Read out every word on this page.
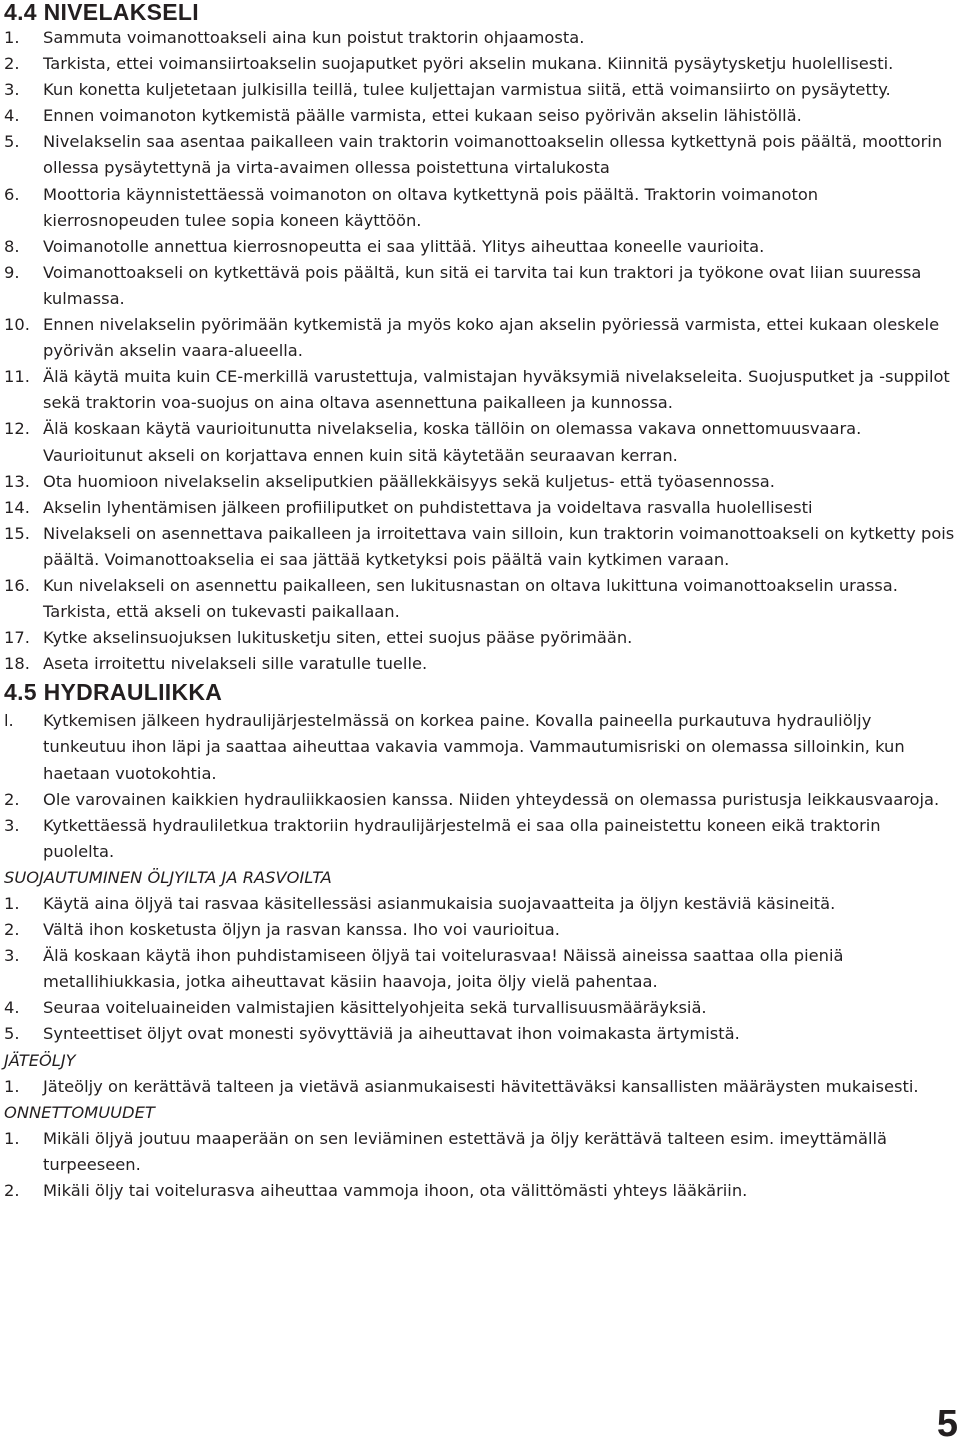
4.4 NIVELAKSELI
1. Sammuta voimanottoakseli aina kun poistut traktorin ohjaamosta.
2. Tarkista, ettei voimansiirtoakselin suojaputket pyöri akselin mukana. Kiinnitä pysäytysketju huolellisesti.
3. Kun konetta kuljetetaan julkisilla teillä, tulee kuljettajan varmistua siitä, että voimansiirto on pysäytetty.
4. Ennen voimanoton kytkemistä päälle varmista, ettei kukaan seiso pyörivän akselin lähistöllä.
5. Nivelakselin saa asentaa paikalleen vain traktorin voimanottoakselin ollessa kytkettynä pois päältä, moottorin ollessa pysäytettynä ja virta-avaimen ollessa poistettuna virtalukosta
6. Moottoria käynnistettäessä voimanoton on oltava kytkettynä pois päältä. Traktorin voimanoton kierrosnopeuden tulee sopia koneen käyttöön.
8. Voimanotolle annettua kierrosnopeutta ei saa ylittää. Ylitys aiheuttaa koneelle vaurioita.
9. Voimanottoakseli on kytkettävä pois päältä, kun sitä ei tarvita tai kun traktori ja työkone ovat liian suuressa kulmassa.
10. Ennen nivelakselin pyörimään kytkemistä ja myös koko ajan akselin pyöriessä varmista, ettei kukaan oleskele pyörivän akselin vaara-alueella.
11. Älä käytä muita kuin CE-merkillä varustettuja, valmistajan hyväksymiä nivelakseleita. Suojusputket ja -suppilot sekä traktorin voa-suojus on aina oltava asennettuna paikalleen ja kunnossa.
12. Älä koskaan käytä vaurioitunutta nivelakselia, koska tällöin on olemassa vakava onnettomuusvaara. Vaurioitunut akseli on korjattava ennen kuin sitä käytetään seuraavan kerran.
13. Ota huomioon nivelakselin akseliputkien päällekkäisyys sekä kuljetus- että työasennossa.
14. Akselin lyhentämisen jälkeen profiiliputket on puhdistettava ja voideltava rasvalla huolellisesti
15. Nivelakseli on asennettava paikalleen ja irroitettava vain silloin, kun traktorin voimanottoakseli on kytketty pois päältä. Voimanottoakselia ei saa jättää kytketyksi pois päältä vain kytkimen varaan.
16. Kun nivelakseli on asennettu paikalleen, sen lukitusnastan on oltava lukittuna voimanottoakselin urassa. Tarkista, että akseli on tukevasti paikallaan.
17. Kytke akselinsuojuksen lukitusketju siten, ettei suojus pääse pyörimään.
18. Aseta irroitettu nivelakseli sille varatulle tuelle.
4.5 HYDRAULIIKKA
l. Kytkemisen jälkeen hydraulijärjestelmässä on korkea paine. Kovalla paineella purkautuva hydrauliöljy tunkeutuu ihon läpi ja saattaa aiheuttaa vakavia vammoja. Vammautumisriski on olemassa silloinkin, kun haetaan vuotokohtia.
2. Ole varovainen kaikkien hydrauliikkaosien kanssa. Niiden yhteydessä on olemassa puristusja leikkausvaaroja.
3. Kytkettäessä hydrauliletkua traktoriin hydraulijärjestelmä ei saa olla paineistettu koneen eikä traktorin puolelta.
SUOJAUTUMINEN ÖLJYILTA JA RASVOILTA
1. Käytä aina öljyä tai rasvaa käsitellessäsi asianmukaisia suojavaatteita ja öljyn kestäviä käsineitä.
2. Vältä ihon kosketusta öljyn ja rasvan kanssa. Iho voi vaurioitua.
3. Älä koskaan käytä ihon puhdistamiseen öljyä tai voitelurasvaa! Näissä aineissa saattaa olla pieniä metallihiukkasia, jotka aiheuttavat käsiin haavoja, joita öljy vielä pahentaa.
4. Seuraa voiteluaineiden valmistajien käsittelyohjeita sekä turvallisuusmääräyksiä.
5. Synteettiset öljyt ovat monesti syövyttäviä ja aiheuttavat ihon voimakasta ärtymistä.
JÄTEÖLJY
1. Jäteöljy on kerättävä talteen ja vietävä asianmukaisesti hävitettäväksi kansallisten määräysten mukaisesti.
ONNETTOMUUDET
1. Mikäli öljyä joutuu maaperään on sen leviäminen estettävä ja öljy kerättävä talteen esim. imeyttämällä turpeeseen.
2. Mikäli öljy tai voitelurasva aiheuttaa vammoja ihoon, ota välittömästi yhteys lääkäriin.
5
